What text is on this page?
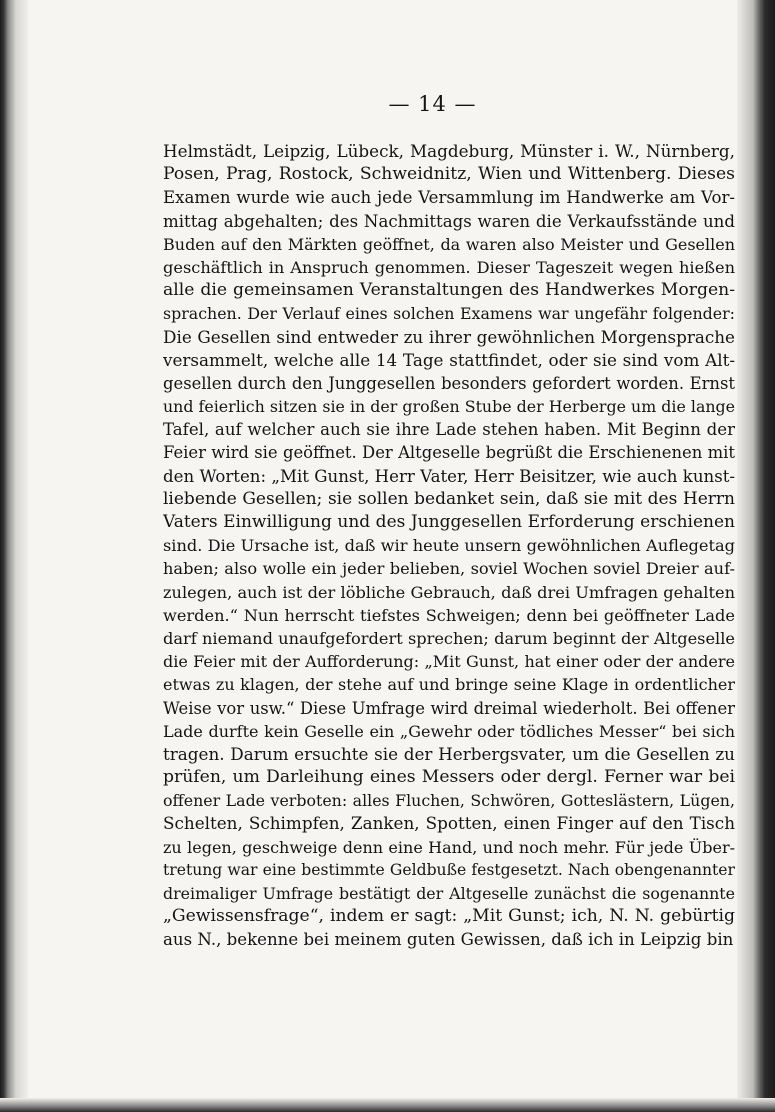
— 14 —
Helmstädt, Leipzig, Lübeck, Magdeburg, Münster i. W., Nürnberg,
Posen, Prag, Rostock, Schweidnitz, Wien und Wittenberg. Dieses
Examen wurde wie auch jede Versammlung im Handwerke am Vor-
mittag abgehalten; des Nachmittags waren die Verkaufsstände und
Buden auf den Märkten geöffnet, da waren also Meister und Gesellen
geschäftlich in Anspruch genommen. Dieser Tageszeit wegen hießen
alle die gemeinsamen Veranstaltungen des Handwerkes Morgen-
sprachen. Der Verlauf eines solchen Examens war ungefähr folgender:
Die Gesellen sind entweder zu ihrer gewöhnlichen Morgensprache
versammelt, welche alle 14 Tage stattfindet, oder sie sind vom Alt-
gesellen durch den Junggesellen besonders gefordert worden. Ernst
und feierlich sitzen sie in der großen Stube der Herberge um die lange
Tafel, auf welcher auch sie ihre Lade stehen haben. Mit Beginn der
Feier wird sie geöffnet. Der Altgeselle begrüßt die Erschienenen mit
den Worten: „Mit Gunst, Herr Vater, Herr Beisitzer, wie auch kunst-
liebende Gesellen; sie sollen bedanket sein, daß sie mit des Herrn
Vaters Einwilligung und des Junggesellen Erforderung erschienen
sind. Die Ursache ist, daß wir heute unsern gewöhnlichen Auflegetag
haben; also wolle ein jeder belieben, soviel Wochen soviel Dreier auf-
zulegen, auch ist der löbliche Gebrauch, daß drei Umfragen gehalten
werden.“ Nun herrscht tiefstes Schweigen; denn bei geöffneter Lade
darf niemand unaufgefordert sprechen; darum beginnt der Altgeselle
die Feier mit der Aufforderung: „Mit Gunst, hat einer oder der andere
etwas zu klagen, der stehe auf und bringe seine Klage in ordentlicher
Weise vor usw.“ Diese Umfrage wird dreimal wiederholt. Bei offener
Lade durfte kein Geselle ein „Gewehr oder tödliches Messer“ bei sich
tragen. Darum ersuchte sie der Herbergsvater, um die Gesellen zu
prüfen, um Darleihung eines Messers oder dergl. Ferner war bei
offener Lade verboten: alles Fluchen, Schwören, Gotteslästern, Lügen,
Schelten, Schimpfen, Zanken, Spotten, einen Finger auf den Tisch
zu legen, geschweige denn eine Hand, und noch mehr. Für jede Über-
tretung war eine bestimmte Geldbuße festgesetzt. Nach obengenannter
dreimaliger Umfrage bestätigt der Altgeselle zunächst die sogenannte
„Gewissensfrage“, indem er sagt: „Mit Gunst; ich, N. N. gebürtig
aus N., bekenne bei meinem guten Gewissen, daß ich in Leipzig bin
